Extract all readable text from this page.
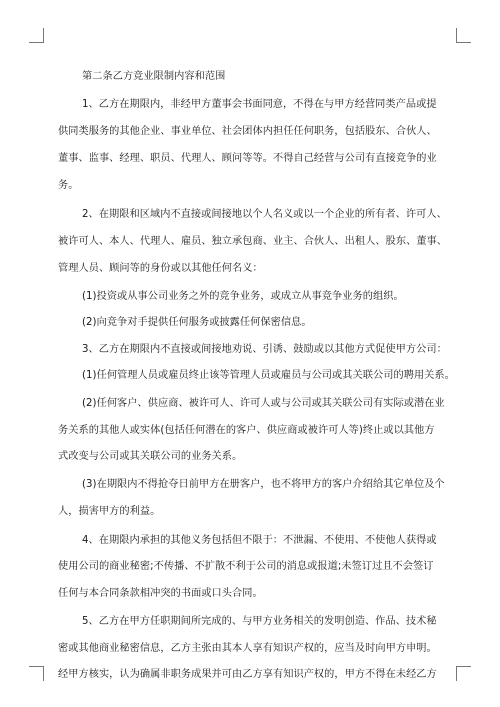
第二条乙方竞业限制内容和范围
1、乙方在期限内，非经甲方董事会书面同意，不得在与甲方经营同类产品或提
供同类服务的其他企业、事业单位、社会团体内担任任何职务，包括股东、合伙人、
董事、监事、经理、职员、代理人、顾问等等。不得自己经营与公司有直接竞争的业
务。
2、在期限和区域内不直接或间接地以个人名义或以一个企业的所有者、许可人、
被许可人、本人、代理人、雇员、独立承包商、业主、合伙人、出租人、股东、董事、
管理人员、顾问等的身份或以其他任何名义：
(1)投资或从事公司业务之外的竞争业务，或成立从事竞争业务的组织。
(2)向竞争对手提供任何服务或披露任何保密信息。
3、乙方在期限内不直接或间接地劝说、引诱、鼓励或以其他方式促使甲方公司：
(1)任何管理人员或雇员终止该等管理人员或雇员与公司或其关联公司的聘用关系。
(2)任何客户、供应商、被许可人、许可人或与公司或其关联公司有实际或潜在业
务关系的其他人或实体(包括任何潜在的客户、供应商或被许可人等)终止或以其他方
式改变与公司或其关联公司的业务关系。
(3)在期限内不得抢夺日前甲方在册客户，也不将甲方的客户介绍给其它单位及个
人，损害甲方的利益。
4、在期限内承担的其他义务包括但不限于：不泄漏、不使用、不使他人获得或
使用公司的商业秘密;不传播、不扩散不利于公司的消息或报道;未签订过且不会签订
任何与本合同条款相冲突的书面或口头合同。
5、乙方在甲方任职期间所完成的、与甲方业务相关的发明创造、作品、技术秘
密或其他商业秘密信息，乙方主张由其本人享有知识产权的，应当及时向甲方申明。
经甲方核实，认为确属非职务成果并可由乙方享有知识产权的，甲方不得在未经乙方
